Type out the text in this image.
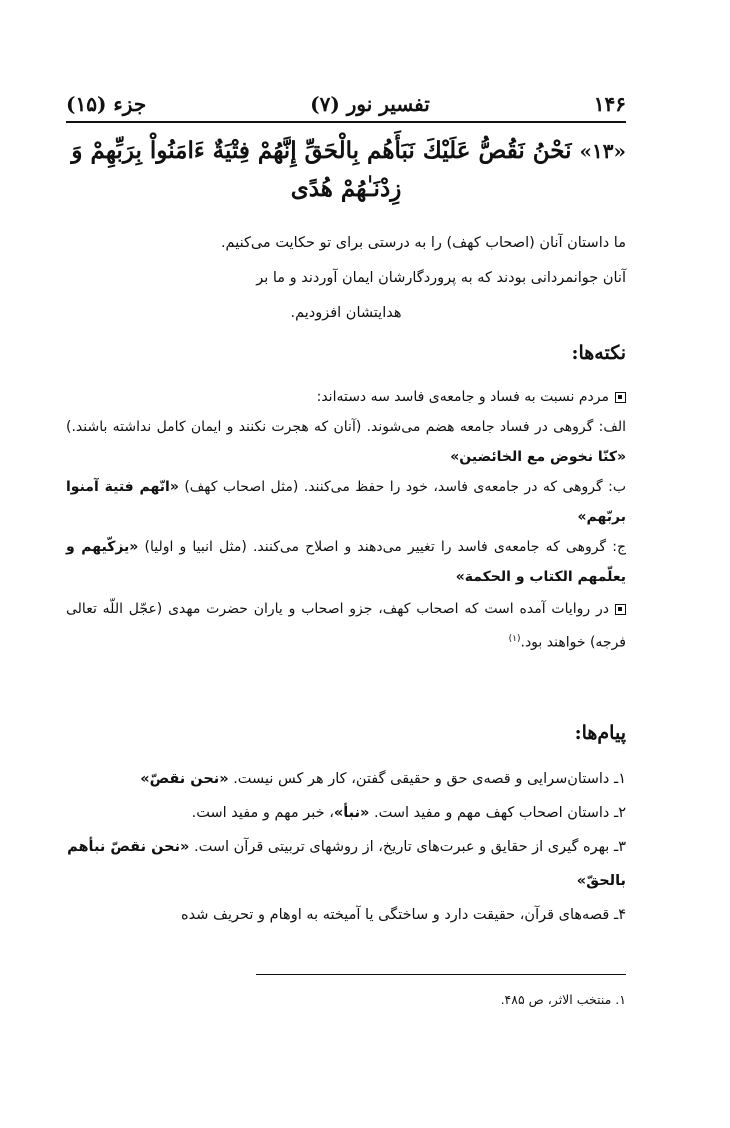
۱۴۶
تفسیر نور (۷)
جزء (۱۵)
«۱۳» نَحْنُ نَقُصُّ عَلَيْكَ نَبَأَهُم بِالْحَقِّ إِنَّهُمْ فِتْيَةٌ ءَامَنُواْ بِرَبِّهِمْ وَ
زِدْنَـٰهُمْ هُدًى

ما داستان آنان (اصحاب کهف) را به درستی برای تو حکایت می‌کنیم.

آنان جوانمردانی بودند که به پروردگارشان ایمان آوردند و ما بر

هدایتشان افزودیم.

نکته‌ها:

مردم نسبت به فساد و جامعه‌ی فاسد سه دسته‌اند:

الف: گروهی در فساد جامعه هضم می‌شوند. (آنان که هجرت نکنند و ایمان کامل نداشته باشند.) «کنّا نخوض مع الخائضین»

ب: گروهی که در جامعه‌ی فاسد، خود را حفظ می‌کنند. (مثل اصحاب کهف) «انّهم فتیة آمنوا بربّهم»

ج: گروهی که جامعه‌ی فاسد را تغییر می‌دهند و اصلاح می‌کنند. (مثل انبیا و اولیا) «یزکّیهم و یعلّمهم الکتاب و الحکمة»

در روایات آمده است که اصحاب کهف، جزو اصحاب و یاران حضرت مهدی (عجّل اللّه تعالی فرجه) خواهند بود.$^{(۱)}$

پیام‌ها:

۱ـ داستان‌سرایی و قصه‌ی حق و حقیقی گفتن، کار هر کس نیست. «نحن نقصّ»

۲ـ داستان اصحاب کهف مهم و مفید است. «نبأ»، خبر مهم و مفید است.

۳ـ بهره گیری از حقایق و عبرت‌های تاریخ، از روشهای تربیتی قرآن است. «نحن نقصّ نبأهم بالحقّ»

۴ـ قصه‌های قرآن، حقیقت دارد و ساختگی یا آمیخته به اوهام و تحریف شده

۱. منتخب الاثر، ص ۴۸۵.
